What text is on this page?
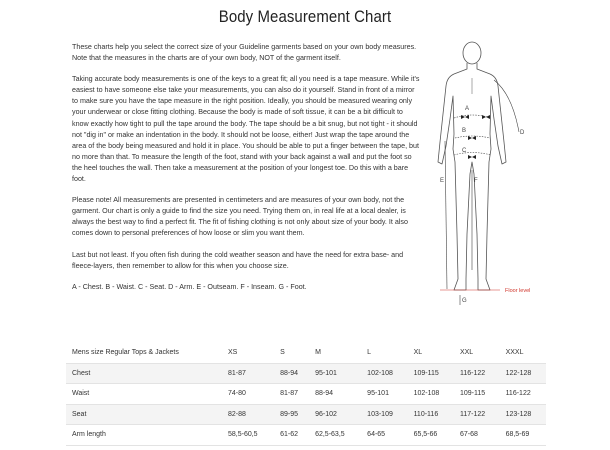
Body Measurement Chart

These charts help you select the correct size of your Guideline garments based on your own body measures. Note that the measures in the charts are of your own body, NOT of the garment itself.

Taking accurate body measurements is one of the keys to a great fit; all you need is a tape measure. While it's easiest to have someone else take your measurements, you can also do it yourself. Stand in front of a mirror to make sure you have the tape measure in the right position. Ideally, you should be measured wearing only your underwear or close fitting clothing. Because the body is made of soft tissue, it can be a bit difficult to know exactly how tight to pull the tape around the body. The tape should be a bit snug, but not tight - it should not "dig in" or make an indentation in the body. It should not be loose, either! Just wrap the tape around the area of the body being measured and hold it in place. You should be able to put a finger between the tape, but no more than that. To measure the length of the foot, stand with your back against a wall and put the foot so the heel touches the wall. Then take a measurement at the position of your longest toe. Do this with a bare foot.

Please note! All measurements are presented in centimeters and are measures of your own body, not the garment. Our chart is only a guide to find the size you need. Trying them on, in real life at a local dealer, is always the best way to find a perfect fit. The fit of fishing clothing is not only about size of your body. It also comes down to personal preferences of how loose or slim you want them.

Last but not least. If you often fish during the cold weather season and have the need for extra base- and fleece-layers, then remember to allow for this when you choose size.

A - Chest. B - Waist. C - Seat. D - Arm. E - Outseam. F - Inseam. G - Foot.

A
B
C
D
E	F
G
Floor level
Mens size Regular Tops & Jackets	XS	S	M	L	XL	XXL	XXXL
Chest	81-87	88-94	95-101	102-108	109-115	116-122	122-128
Waist	74-80	81-87	88-94	95-101	102-108	109-115	116-122
Seat	82-88	89-95	96-102	103-109	110-116	117-122	123-128
Arm length	58,5-60,5	61-62	62,5-63,5	64-65	65,5-66	67-68	68,5-69
